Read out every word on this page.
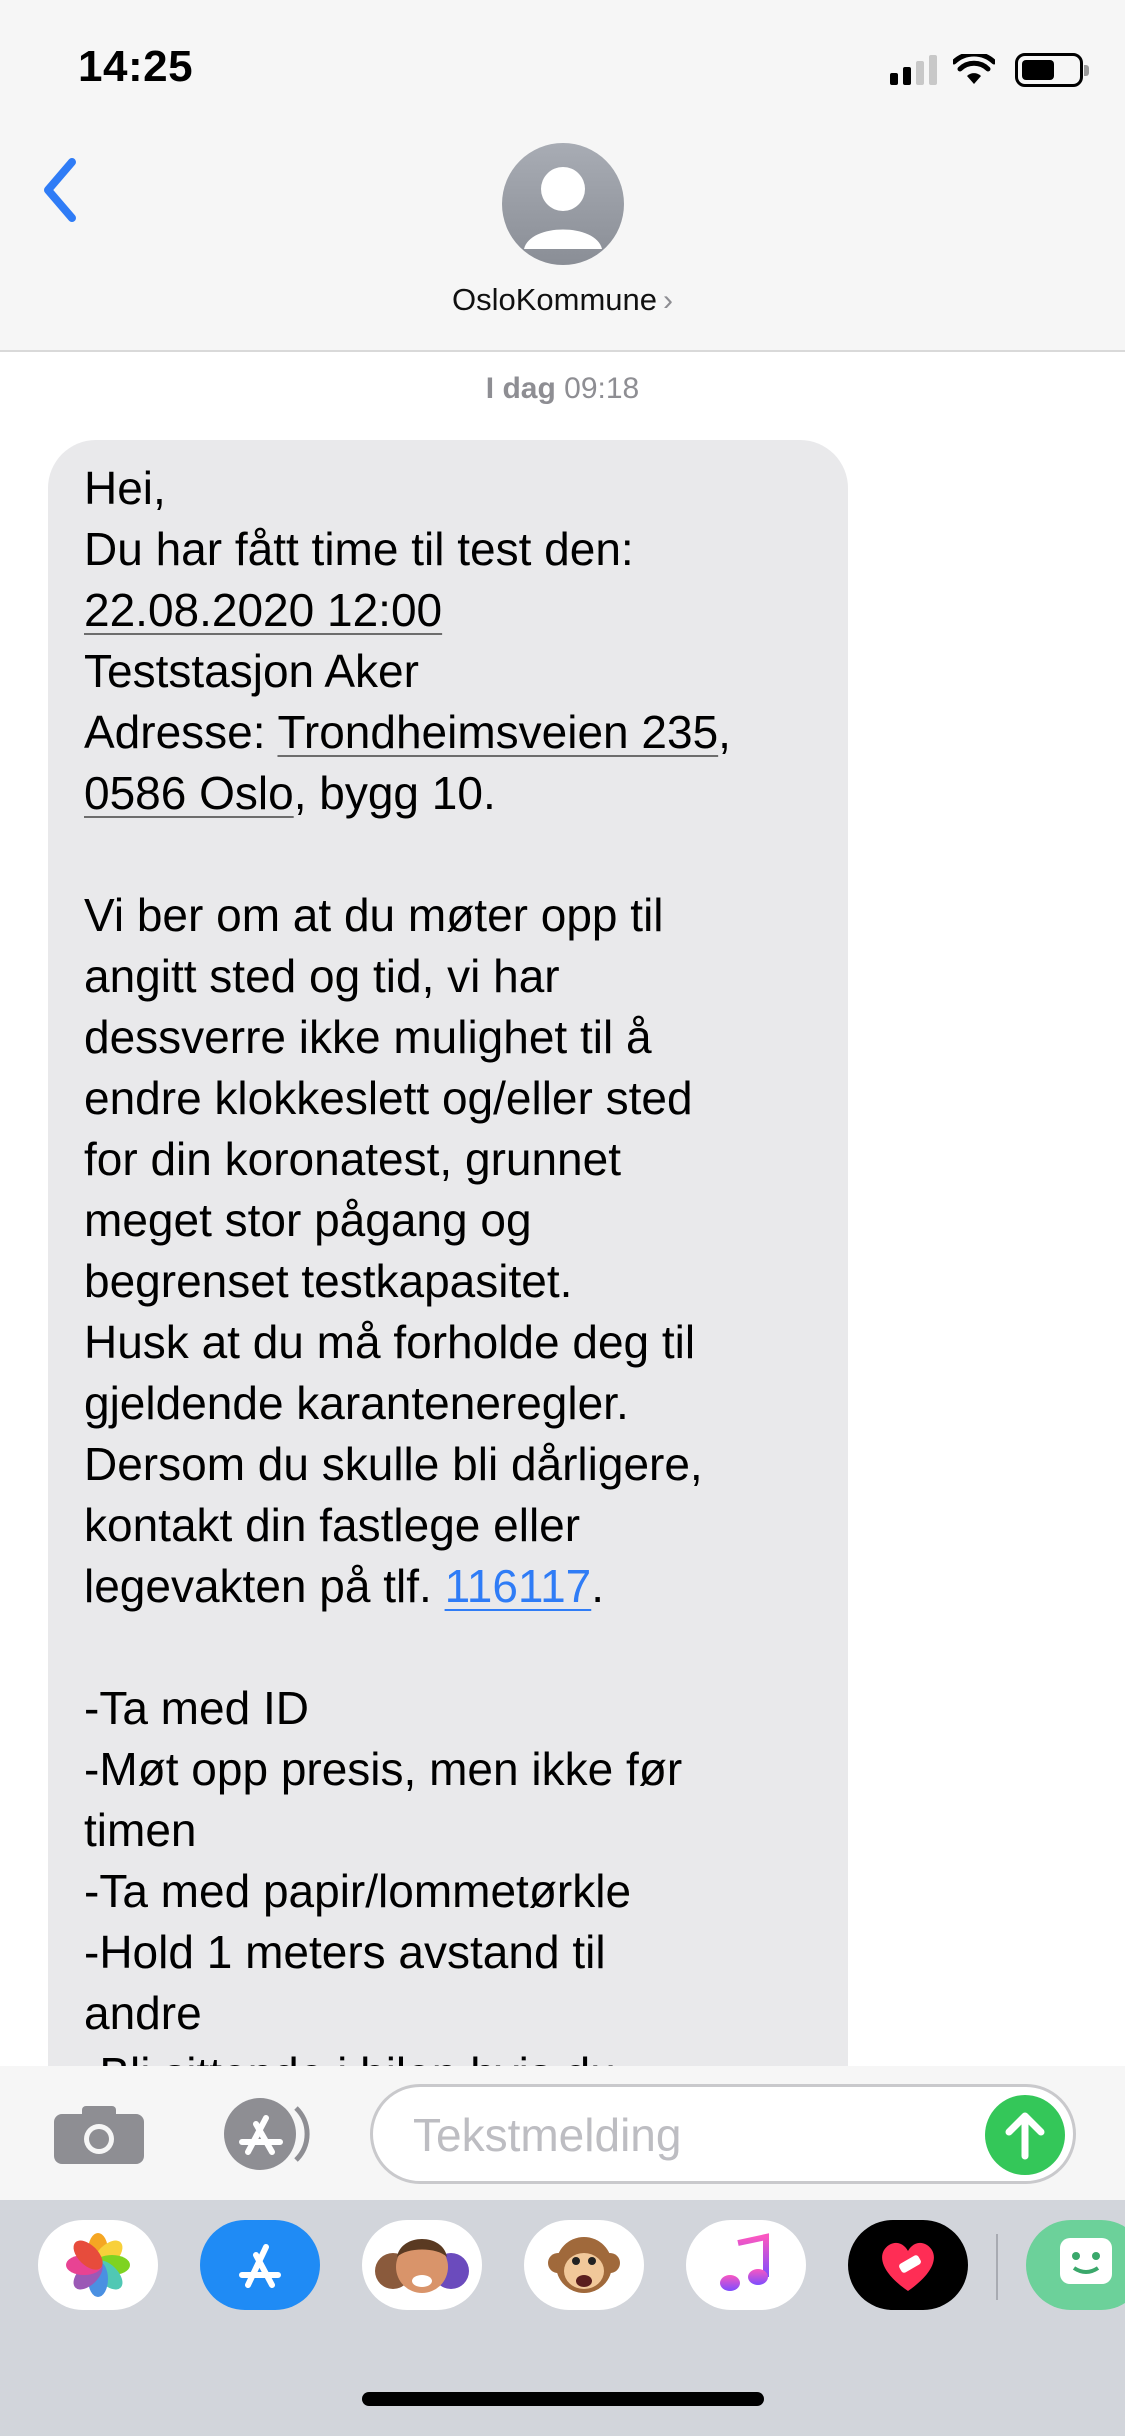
14:25
OsloKommune ›
I dag 09:18
Hei,
Du har fått time til test den:
22.08.2020 12:00
Teststasjon Aker
Adresse: Trondheimsveien 235,
0586 Oslo, bygg 10.
Vi ber om at du møter opp til
angitt sted og tid, vi har
dessverre ikke mulighet til å
endre klokkeslett og/eller sted
for din koronatest, grunnet
meget stor pågang og
begrenset testkapasitet.
Husk at du må forholde deg til
gjeldende karanteneregler.
Dersom du skulle bli dårligere,
kontakt din fastlege eller
legevakten på tlf. 116117.
-Ta med ID
-Møt opp presis, men ikke før
timen
-Ta med papir/lommetørkle
-Hold 1 meters avstand til
andre
Tekstmelding
